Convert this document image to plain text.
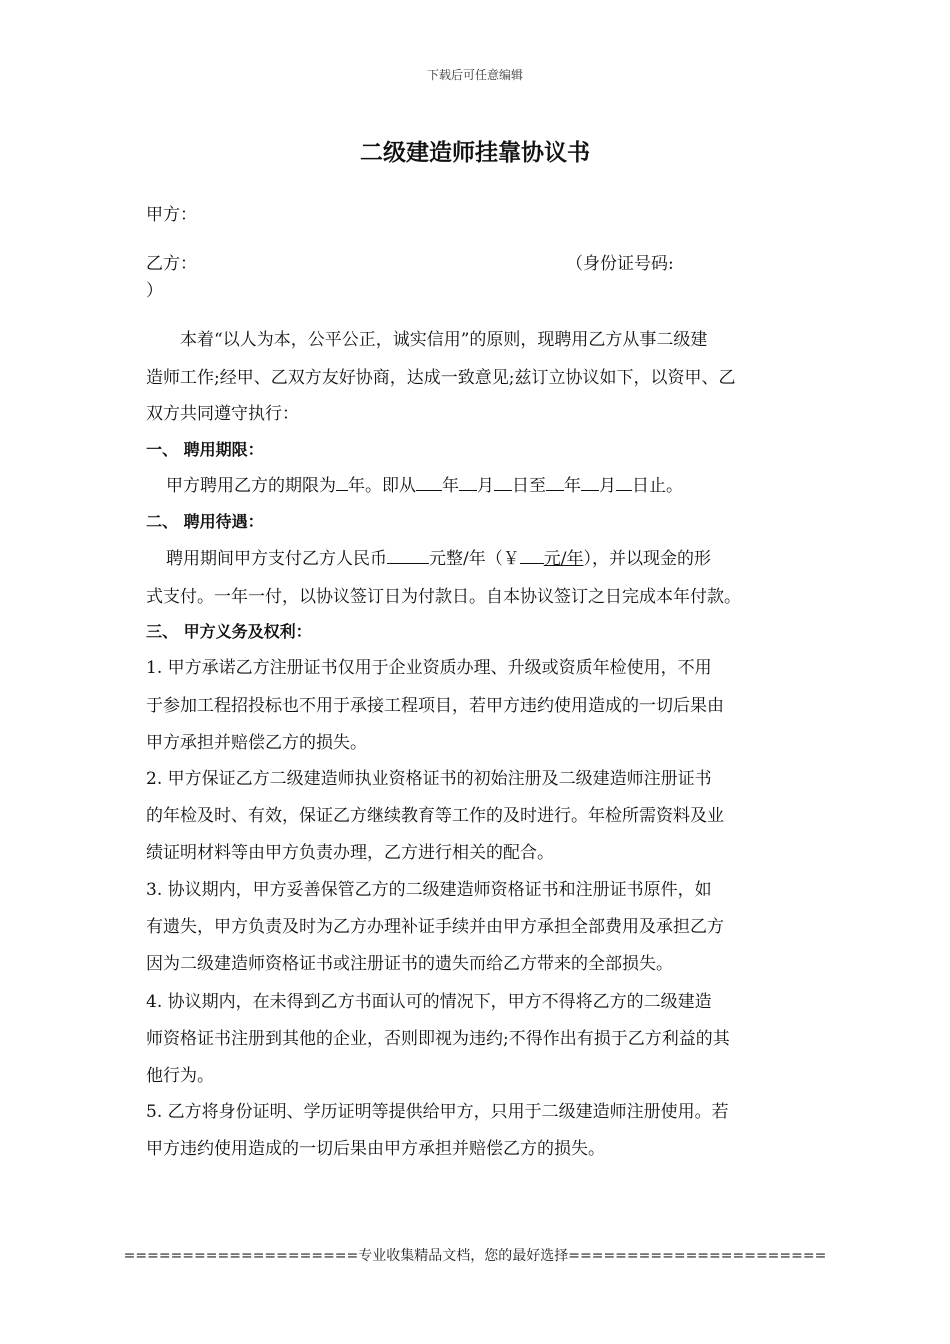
下载后可任意编辑
二级建造师挂靠协议书
甲方：
乙方：	（身份证号码:
）
本着“以人为本，公平公正，诚实信用”的原则，现聘用乙方从事二级建
造师工作;经甲、乙双方友好协商，达成一致意见;兹订立协议如下，以资甲、乙
双方共同遵守执行：
一、 聘用期限：
甲方聘用乙方的期限为 年。即从 年 月 日至 年 月 日止。
二、 聘用待遇：
聘用期间甲方支付乙方人民币 元整/年（￥ 元/年），并以现金的形
式支付。一年一付，以协议签订日为付款日。自本协议签订之日完成本年付款。
三、 甲方义务及权利：
1. 甲方承诺乙方注册证书仅用于企业资质办理、升级或资质年检使用，不用
于参加工程招投标也不用于承接工程项目，若甲方违约使用造成的一切后果由
甲方承担并赔偿乙方的损失。
2. 甲方保证乙方二级建造师执业资格证书的初始注册及二级建造师注册证书
的年检及时、有效，保证乙方继续教育等工作的及时进行。年检所需资料及业
绩证明材料等由甲方负责办理，乙方进行相关的配合。
3. 协议期内，甲方妥善保管乙方的二级建造师资格证书和注册证书原件，如
有遗失，甲方负责及时为乙方办理补证手续并由甲方承担全部费用及承担乙方
因为二级建造师资格证书或注册证书的遗失而给乙方带来的全部损失。
4. 协议期内，在未得到乙方书面认可的情况下，甲方不得将乙方的二级建造
师资格证书注册到其他的企业，否则即视为违约;不得作出有损于乙方利益的其
他行为。
5. 乙方将身份证明、学历证明等提供给甲方，只用于二级建造师注册使用。若
甲方违约使用造成的一切后果由甲方承担并赔偿乙方的损失。
====================专业收集精品文档，您的最好选择======================
